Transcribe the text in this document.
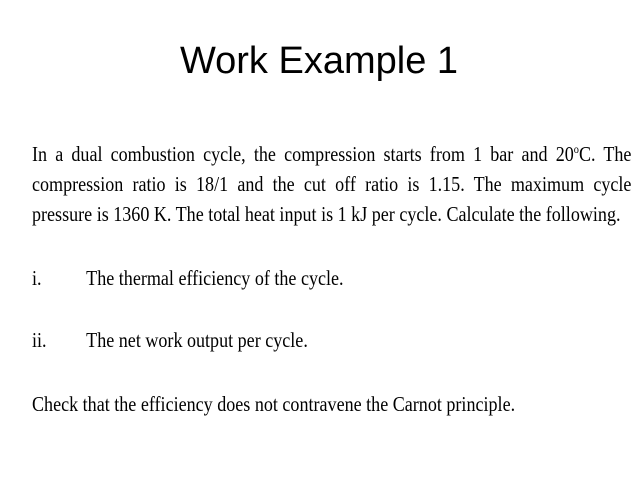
Work Example 1
In a dual combustion cycle, the compression starts from 1 bar and 20$^o$C. The
compression ratio is 18/1 and the cut off ratio is 1.15. The maximum cycle
pressure is 1360 K. The total heat input is 1 kJ per cycle. Calculate the following.
i. The thermal efficiency of the cycle.
ii. The net work output per cycle.
Check that the efficiency does not contravene the Carnot principle.
